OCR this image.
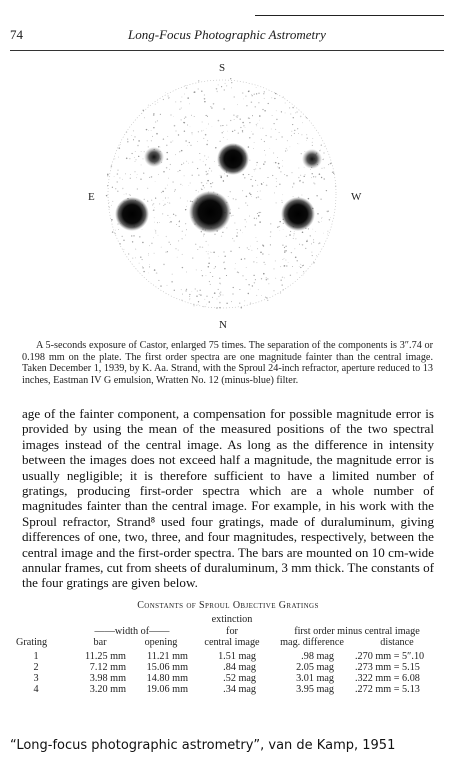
74	Long-Focus Photographic Astrometry
S
N
E	W
A 5-seconds exposure of Castor, enlarged 75 times. The separation of the components is 3″.74 or 0.198 mm on the plate. The first order spectra are one magnitude fainter than the central image. Taken December 1, 1939, by K. Aa. Strand, with the Sproul 24-inch refractor, aperture reduced to 13 inches, Eastman IV G emulsion, Wratten No. 12 (minus-blue) filter.
age of the fainter component, a compensation for possible magnitude error is provided by using the mean of the measured positions of the two spectral images instead of the central image. As long as the difference in intensity between the images does not exceed half a magnitude, the magnitude error is usually negligible; it is therefore sufficient to have a limited number of gratings, producing first-order spectra which are a whole number of magnitudes fainter than the central image. For example, in his work with the Sproul refractor, Strand⁸ used four gratings, made of duraluminum, giving differences of one, two, three, and four magnitudes, respectively, between the central image and the first-order spectra. The bars are mounted on 10 cm-wide annular frames, cut from sheets of duraluminum, 3 mm thick. The constants of the four gratings are given below.
Constants of Sproul Objective Gratings
——width of——
extinction
for	first order minus central image
Grating	bar	opening	central image	mag. difference	distance
1	11.25 mm	11.21 mm	1.51 mag	.98 mag .270 mm = 5″.10
2	7.12 mm	15.06 mm	.84 mag	2.05 mag .273 mm = 5.15
3	3.98 mm	14.80 mm	.52 mag	3.01 mag .322 mm = 6.08
4	3.20 mm	19.06 mm	.34 mag	3.95 mag .272 mm = 5.13
“Long-focus photographic astrometry”, van de Kamp, 1951
